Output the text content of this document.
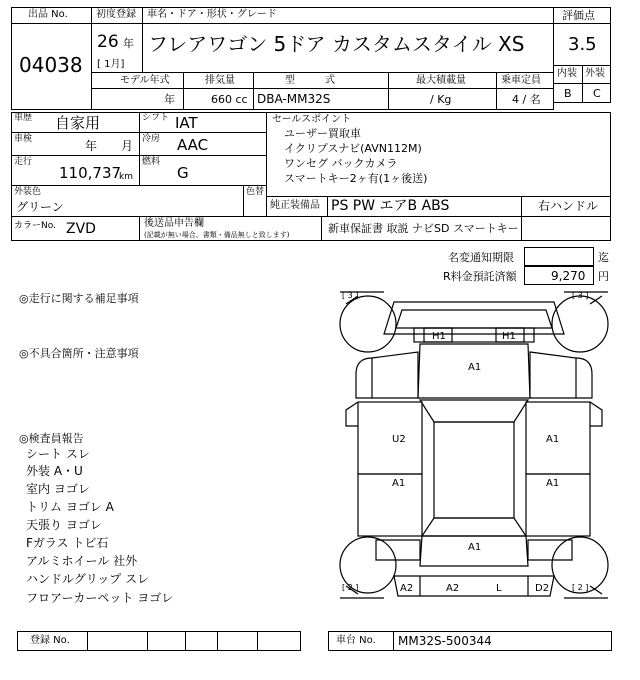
出品 No.
04038
初度登録 車名・ドア・形状・グレード
26 年
[ 1月]
フレアワゴン 5ドア カスタムスタイル XS
評価点
3.5
内装 外装
B C
モデル年式	排気量	型　　　式	最大積載量	乗車定員
年	660 cc DBA-MM32S	/ Kg	4 / 名
車歴 自家用	シフト IAT
車検	年 月 冷房 AAC
走行
110,737
km
燃料
G
外装色
グリーン
色替
カラーNo. ZVD	後送品申告欄
(記載が無い場合、書類・備品無しと致します)
セールスポイント
ユーザー買取車
イクリプスナビ(AVN112M)
ワンセグ バックカメラ
スマートキー2ヶ有(1ヶ後送)
純正装備品 PS PW エアB ABS	右ハンドル
新車保証書 取説 ナビSD スマートキー
名変通知期限	迄
R料金預託済額	9,270 円
◎走行に関する補足事項
◎不具合箇所・注意事項
◎検査員報告
シート スレ
外装 A・U
室内 ヨゴレ
トリム ヨゴレ A
天張り ヨゴレ
Fガラス トビ石
アルミホイール 社外
ハンドルグリップ スレ
フロアーカーペット ヨゴレ
[ 3 ]	[ 3 ]
[ 2 ]	[ 2 ]
H1	H1
A1
U2	A1
A1	A1
A1
A2	A2	L	D2
登録 No.	車台 No. MM32S-500344
